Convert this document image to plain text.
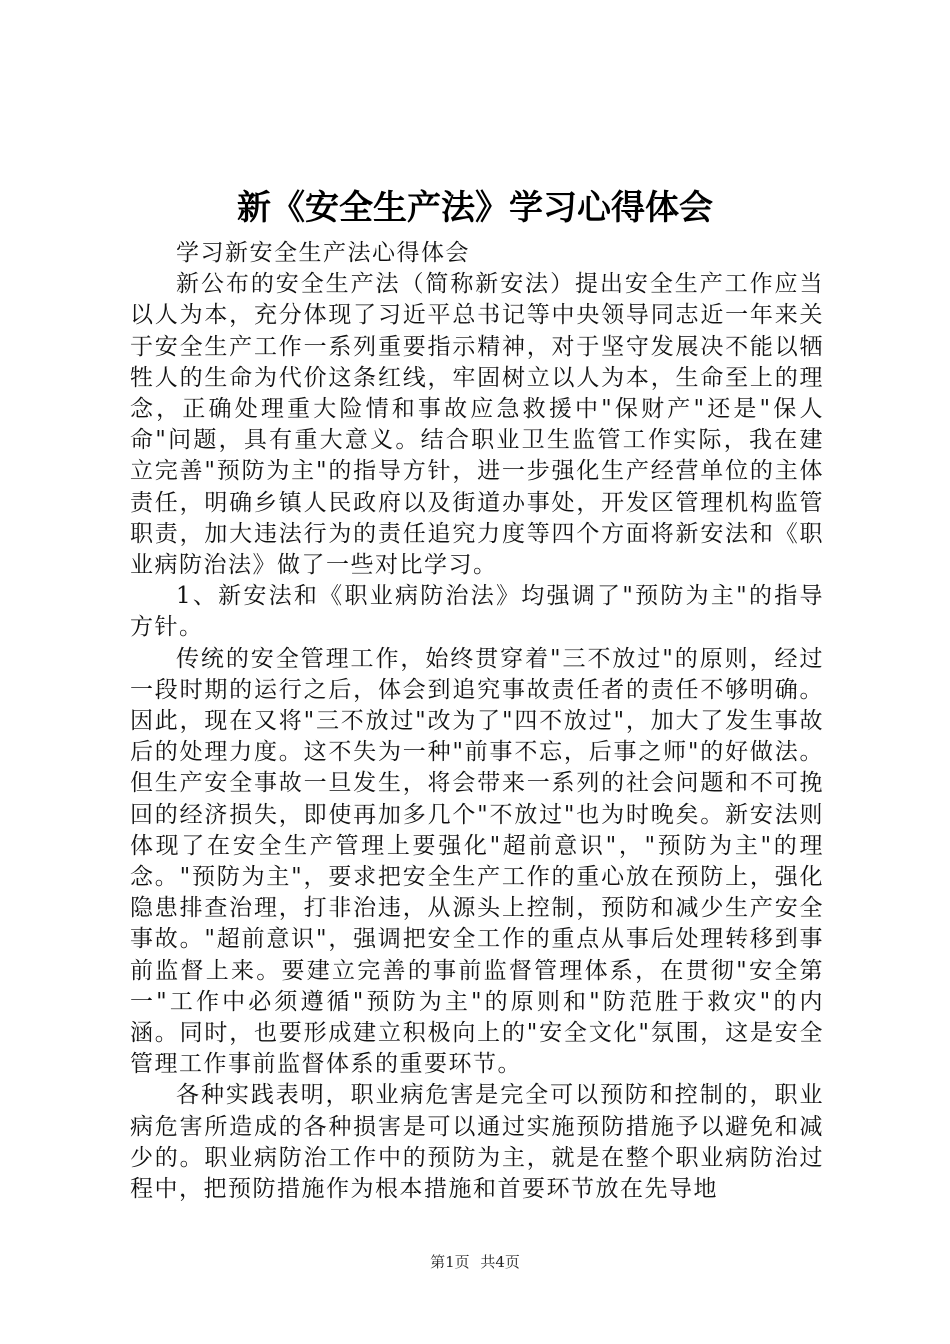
新《安全生产法》学习心得体会

学习新安全生产法心得体会

新公布的安全生产法（简称新安法）提出安全生产工作应当以人为本，充分体现了习近平总书记等中央领导同志近一年来关于安全生产工作一系列重要指示精神，对于坚守发展决不能以牺牲人的生命为代价这条红线，牢固树立以人为本，生命至上的理念，正确处理重大险情和事故应急救援中"保财产"还是"保人命"问题，具有重大意义。结合职业卫生监管工作实际，我在建立完善"预防为主"的指导方针，进一步强化生产经营单位的主体责任，明确乡镇人民政府以及街道办事处，开发区管理机构监管职责，加大违法行为的责任追究力度等四个方面将新安法和《职业病防治法》做了一些对比学习。

1、新安法和《职业病防治法》均强调了"预防为主"的指导方针。

传统的安全管理工作，始终贯穿着"三不放过"的原则，经过一段时期的运行之后，体会到追究事故责任者的责任不够明确。因此，现在又将"三不放过"改为了"四不放过"，加大了发生事故后的处理力度。这不失为一种"前事不忘，后事之师"的好做法。但生产安全事故一旦发生，将会带来一系列的社会问题和不可挽回的经济损失，即使再加多几个"不放过"也为时晚矣。新安法则体现了在安全生产管理上要强化"超前意识"，"预防为主"的理念。"预防为主"，要求把安全生产工作的重心放在预防上，强化隐患排查治理，打非治违，从源头上控制，预防和减少生产安全事故。"超前意识"，强调把安全工作的重点从事后处理转移到事前监督上来。要建立完善的事前监督管理体系，在贯彻"安全第一"工作中必须遵循"预防为主"的原则和"防范胜于救灾"的内涵。同时，也要形成建立积极向上的"安全文化"氛围，这是安全管理工作事前监督体系的重要环节。

各种实践表明，职业病危害是完全可以预防和控制的，职业病危害所造成的各种损害是可以通过实施预防措施予以避免和减少的。职业病防治工作中的预防为主，就是在整个职业病防治过程中，把预防措施作为根本措施和首要环节放在先导地

第1页 共4页
